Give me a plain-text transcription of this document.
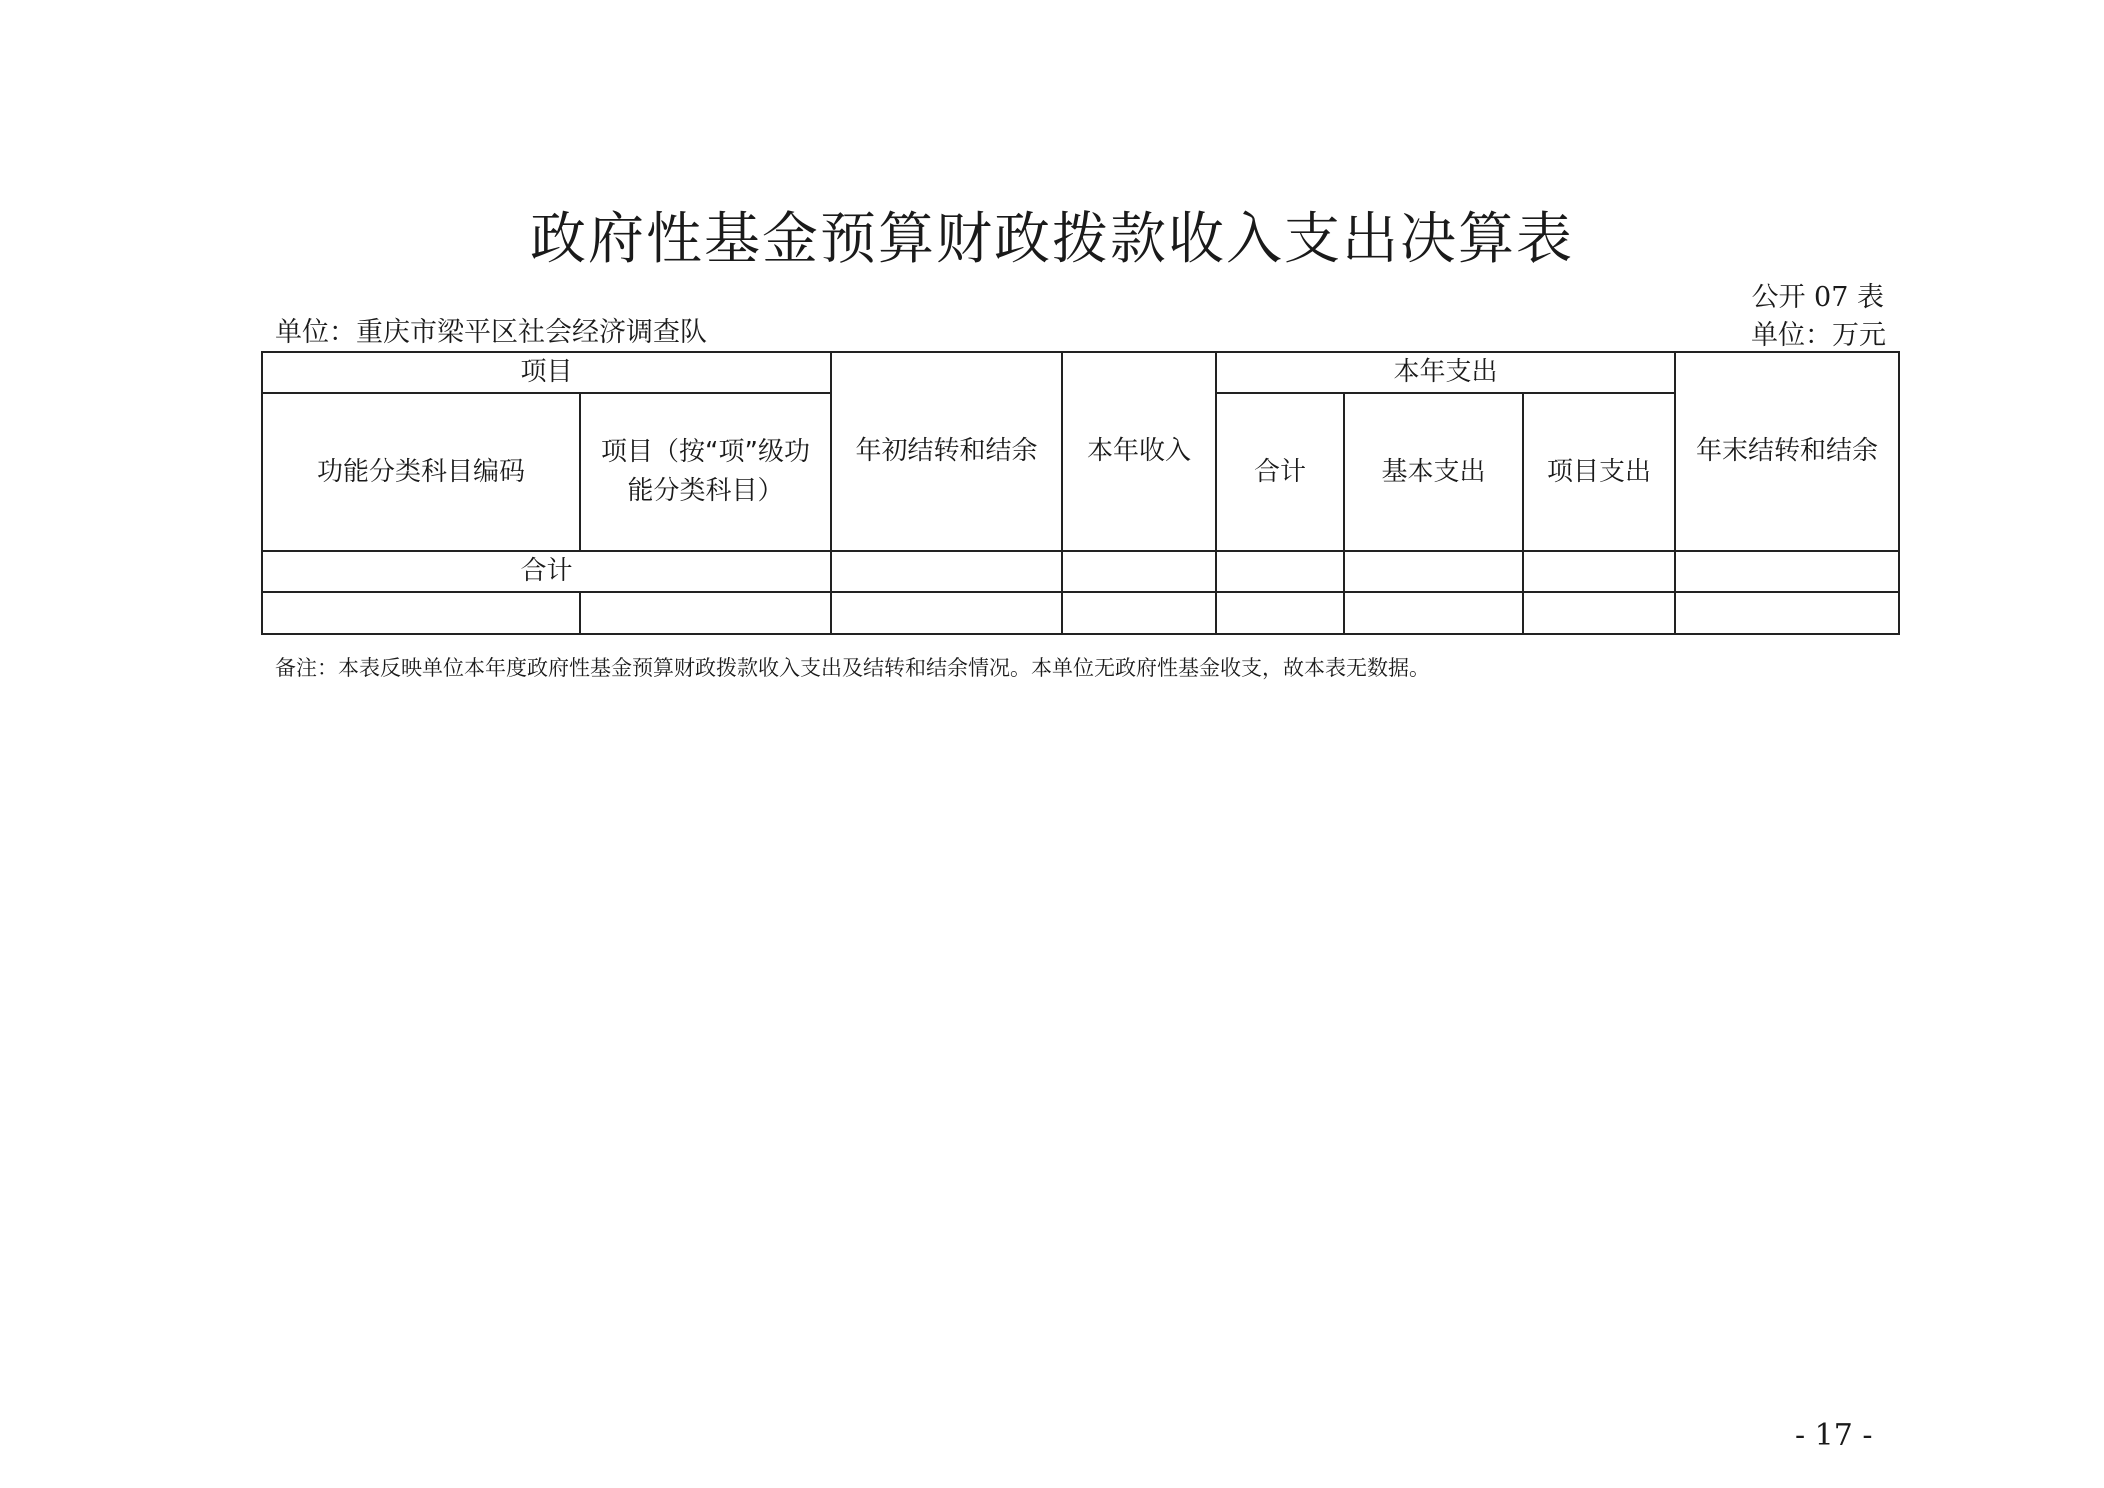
政府性基金预算财政拨款收入支出决算表
公开 07 表
单位：万元
单位：重庆市梁平区社会经济调查队
项目		年初结转和结余	本年收入	本年支出			年末结转和结余
功能分类科目编码	项目（按“项”级功能分类科目）			合计	基本支出	项目支出	
合计							

备注：本表反映单位本年度政府性基金预算财政拨款收入支出及结转和结余情况。本单位无政府性基金收支，故本表无数据。
- 17 -
